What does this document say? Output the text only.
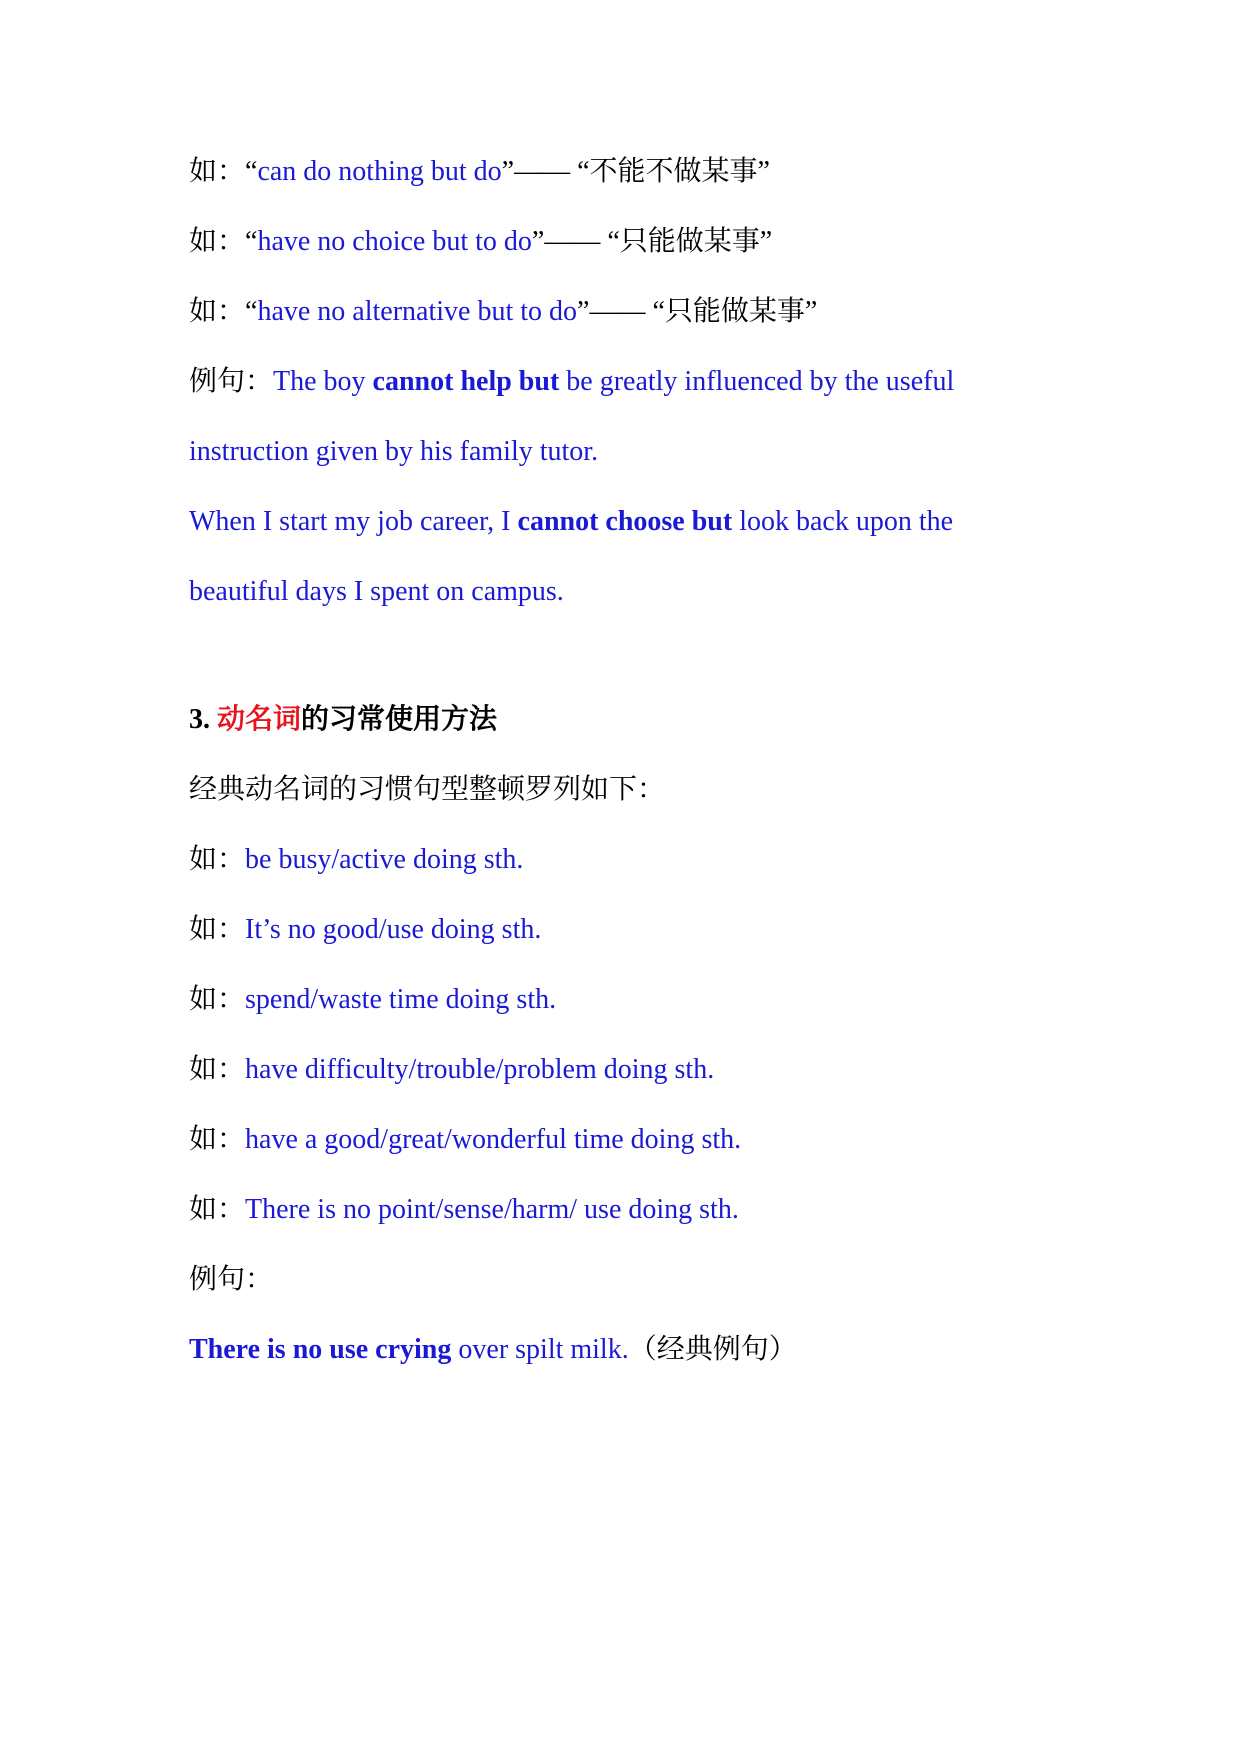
如：“can do nothing but do”—— “不能不做某事”
如：“have no choice but to do”—— “只能做某事”
如：“have no alternative but to do”—— “只能做某事”
例句：The boy cannot help but be greatly influenced by the useful
instruction given by his family tutor.
When I start my job career, I cannot choose but look back upon the
beautiful days I spent on campus.
3. 动名词的习常使用方法
经典动名词的习惯句型整顿罗列如下：
如：be busy/active doing sth.
如：It’s no good/use doing sth.
如：spend/waste time doing sth.
如：have difficulty/trouble/problem doing sth.
如：have a good/great/wonderful time doing sth.
如：There is no point/sense/harm/ use doing sth.
例句：
There is no use crying over spilt milk.（经典例句）
